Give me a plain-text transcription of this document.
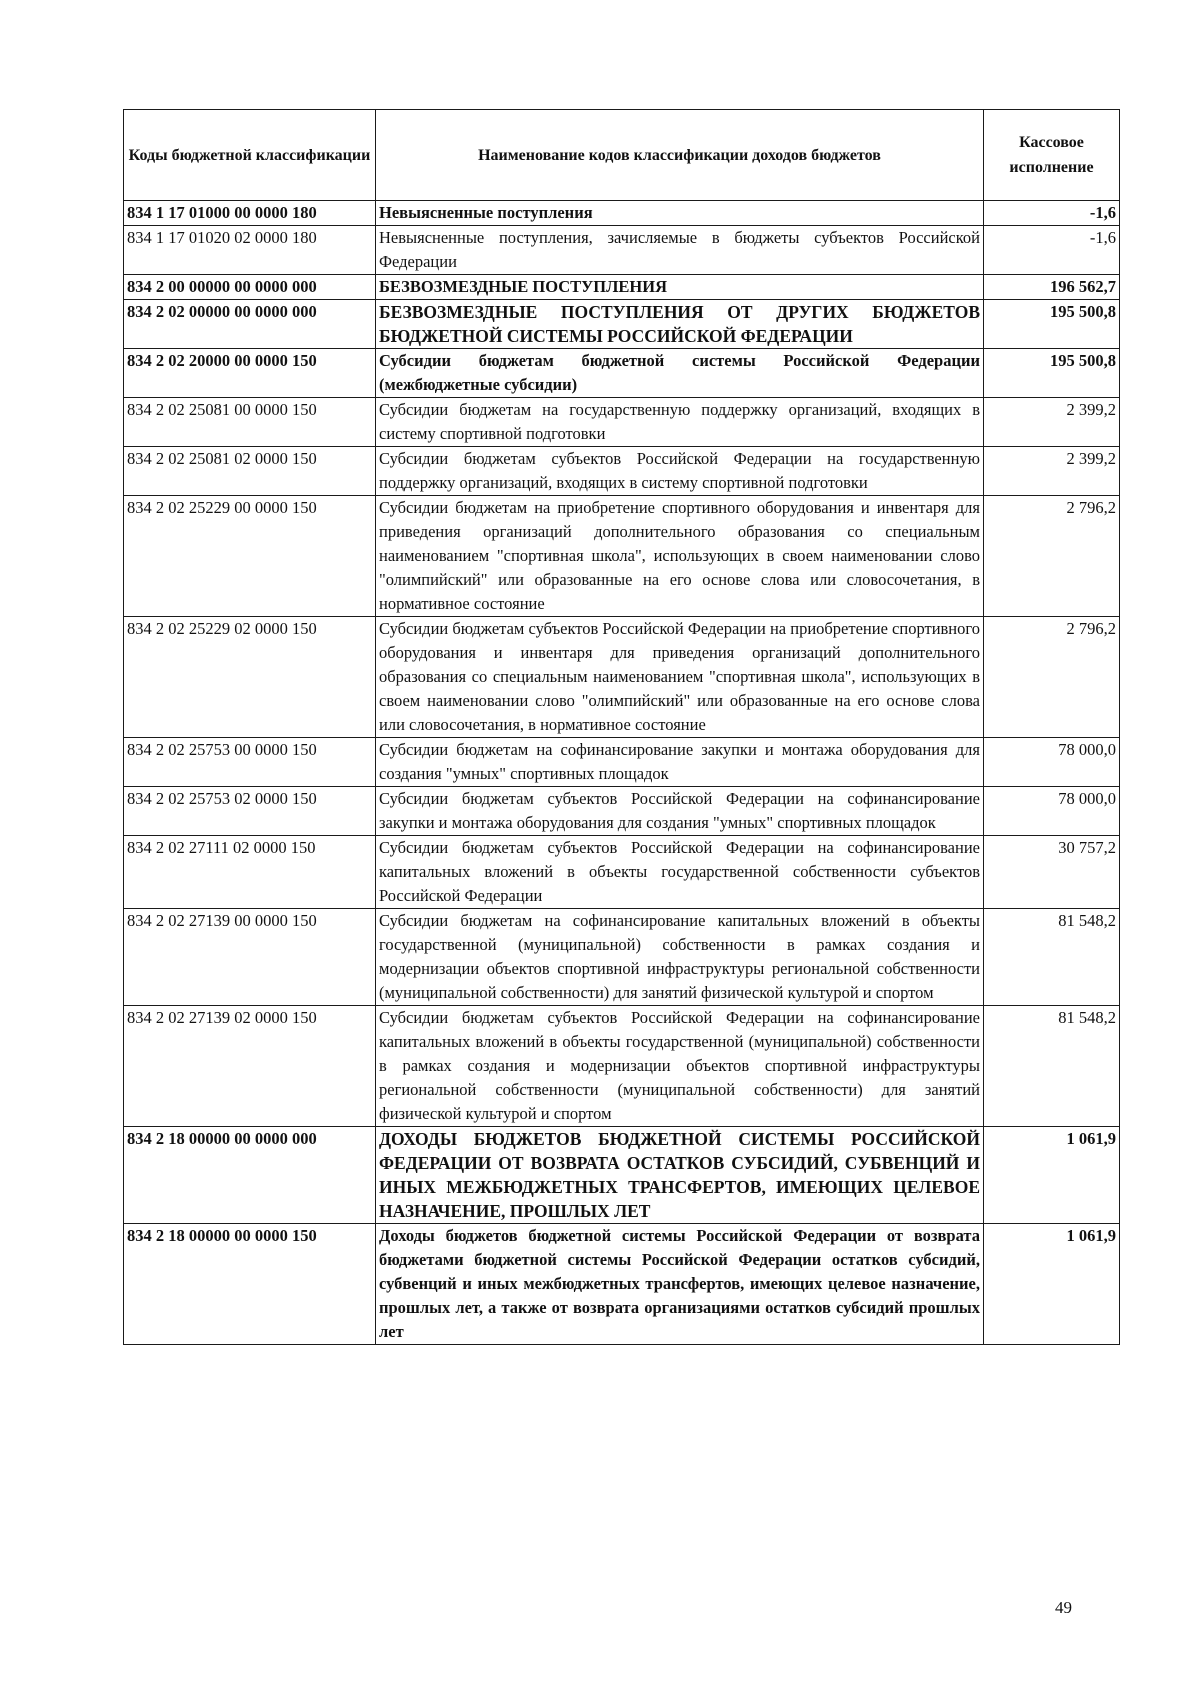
Коды бюджетной классификации	Наименование кодов классификации доходов бюджетов	Кассовое исполнение
834 1 17 01000 00 0000 180	Невыясненные поступления	-1,6
834 1 17 01020 02 0000 180	Невыясненные поступления, зачисляемые в бюджеты субъектов Российской Федерации	-1,6
834 2 00 00000 00 0000 000	БЕЗВОЗМЕЗДНЫЕ ПОСТУПЛЕНИЯ	196 562,7
834 2 02 00000 00 0000 000	БЕЗВОЗМЕЗДНЫЕ ПОСТУПЛЕНИЯ ОТ ДРУГИХ БЮДЖЕТОВ БЮДЖЕТНОЙ СИСТЕМЫ РОССИЙСКОЙ ФЕДЕРАЦИИ	195 500,8
834 2 02 20000 00 0000 150	Субсидии бюджетам бюджетной системы Российской Федерации (межбюджетные субсидии)	195 500,8
834 2 02 25081 00 0000 150	Субсидии бюджетам на государственную поддержку организаций, входящих в систему спортивной подготовки	2 399,2
834 2 02 25081 02 0000 150	Субсидии бюджетам субъектов Российской Федерации на государственную поддержку организаций, входящих в систему спортивной подготовки	2 399,2
834 2 02 25229 00 0000 150	Субсидии бюджетам на приобретение спортивного оборудования и инвентаря для приведения организаций дополнительного образования со специальным наименованием "спортивная школа", использующих в своем наименовании слово "олимпийский" или образованные на его основе слова или словосочетания, в нормативное состояние	2 796,2
834 2 02 25229 02 0000 150	Субсидии бюджетам субъектов Российской Федерации на приобретение спортивного оборудования и инвентаря для приведения организаций дополнительного образования со специальным наименованием "спортивная школа", использующих в своем наименовании слово "олимпийский" или образованные на его основе слова или словосочетания, в нормативное состояние	2 796,2
834 2 02 25753 00 0000 150	Субсидии бюджетам на софинансирование закупки и монтажа оборудования для создания "умных" спортивных площадок	78 000,0
834 2 02 25753 02 0000 150	Субсидии бюджетам субъектов Российской Федерации на софинансирование закупки и монтажа оборудования для создания "умных" спортивных площадок	78 000,0
834 2 02 27111 02 0000 150	Субсидии бюджетам субъектов Российской Федерации на софинансирование капитальных вложений в объекты государственной собственности субъектов Российской Федерации	30 757,2
834 2 02 27139 00 0000 150	Субсидии бюджетам на софинансирование капитальных вложений в объекты государственной (муниципальной) собственности в рамках создания и модернизации объектов спортивной инфраструктуры региональной собственности (муниципальной собственности) для занятий физической культурой и спортом	81 548,2
834 2 02 27139 02 0000 150	Субсидии бюджетам субъектов Российской Федерации на софинансирование капитальных вложений в объекты государственной (муниципальной) собственности в рамках создания и модернизации объектов спортивной инфраструктуры региональной собственности (муниципальной собственности) для занятий физической культурой и спортом	81 548,2
834 2 18 00000 00 0000 000	ДОХОДЫ БЮДЖЕТОВ БЮДЖЕТНОЙ СИСТЕМЫ РОССИЙСКОЙ ФЕДЕРАЦИИ ОТ ВОЗВРАТА ОСТАТКОВ СУБСИДИЙ, СУБВЕНЦИЙ И ИНЫХ МЕЖБЮДЖЕТНЫХ ТРАНСФЕРТОВ, ИМЕЮЩИХ ЦЕЛЕВОЕ НАЗНАЧЕНИЕ, ПРОШЛЫХ ЛЕТ	1 061,9
834 2 18 00000 00 0000 150	Доходы бюджетов бюджетной системы Российской Федерации от возврата бюджетами бюджетной системы Российской Федерации остатков субсидий, субвенций и иных межбюджетных трансфертов, имеющих целевое назначение, прошлых лет, а также от возврата организациями остатков субсидий прошлых лет	1 061,9
49
